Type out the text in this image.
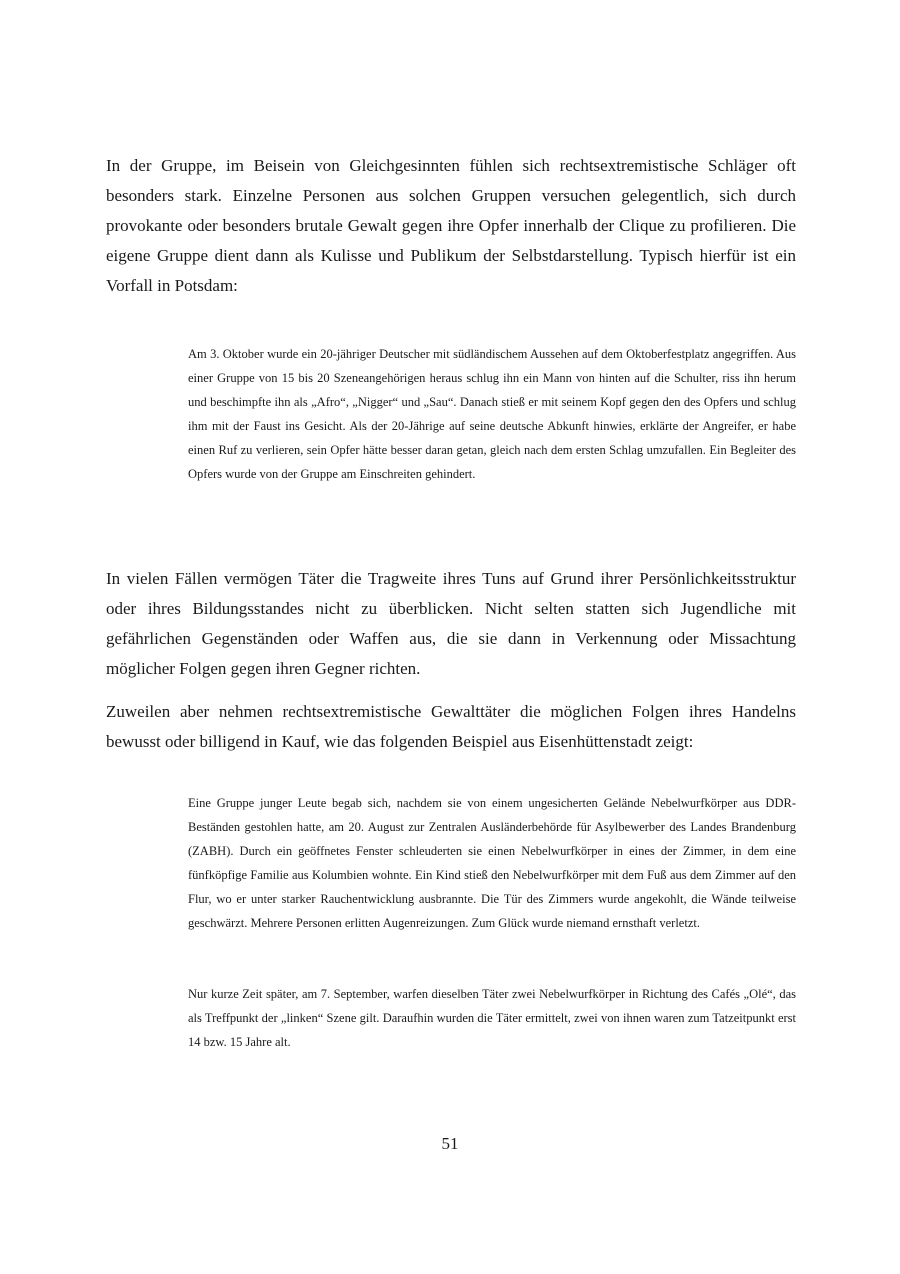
In der Gruppe, im Beisein von Gleichgesinnten fühlen sich rechtsextremistische Schläger oft besonders stark. Einzelne Personen aus solchen Gruppen versuchen gelegentlich, sich durch provokante oder besonders brutale Gewalt gegen ihre Opfer innerhalb der Clique zu profilieren. Die eigene Gruppe dient dann als Kulisse und Publikum der Selbstdarstellung. Typisch hierfür ist ein Vorfall in Potsdam:

Am 3. Oktober wurde ein 20-jähriger Deutscher mit südländischem Aussehen auf dem Oktoberfestplatz angegriffen. Aus einer Gruppe von 15 bis 20 Szeneangehörigen heraus schlug ihn ein Mann von hinten auf die Schulter, riss ihn herum und beschimpfte ihn als „Afro“, „Nigger“ und „Sau“. Danach stieß er mit seinem Kopf gegen den des Opfers und schlug ihm mit der Faust ins Gesicht. Als der 20-Jährige auf seine deutsche Abkunft hinwies, erklärte der Angreifer, er habe einen Ruf zu verlieren, sein Opfer hätte besser daran getan, gleich nach dem ersten Schlag umzufallen. Ein Begleiter des Opfers wurde von der Gruppe am Einschreiten gehindert.

In vielen Fällen vermögen Täter die Tragweite ihres Tuns auf Grund ihrer Persönlichkeitsstruktur oder ihres Bildungsstandes nicht zu überblicken. Nicht selten statten sich Jugendliche mit gefährlichen Gegenständen oder Waffen aus, die sie dann in Verkennung oder Missachtung möglicher Folgen gegen ihren Gegner richten.

Zuweilen aber nehmen rechtsextremistische Gewalttäter die möglichen Folgen ihres Handelns bewusst oder billigend in Kauf, wie das folgenden Beispiel aus Eisenhüttenstadt zeigt:

Eine Gruppe junger Leute begab sich, nachdem sie von einem ungesicherten Gelände Nebelwurfkörper aus DDR-Beständen gestohlen hatte, am 20. August zur Zentralen Ausländerbehörde für Asylbewerber des Landes Brandenburg (ZABH). Durch ein geöffnetes Fenster schleuderten sie einen Nebelwurfkörper in eines der Zimmer, in dem eine fünfköpfige Familie aus Kolumbien wohnte. Ein Kind stieß den Nebelwurfkörper mit dem Fuß aus dem Zimmer auf den Flur, wo er unter starker Rauchentwicklung ausbrannte. Die Tür des Zimmers wurde angekohlt, die Wände teilweise geschwärzt. Mehrere Personen erlitten Augenreizungen. Zum Glück wurde niemand ernsthaft verletzt.

Nur kurze Zeit später, am 7. September, warfen dieselben Täter zwei Nebelwurfkörper in Richtung des Cafés „Olé“, das als Treffpunkt der „linken“ Szene gilt. Daraufhin wurden die Täter ermittelt, zwei von ihnen waren zum Tatzeitpunkt erst 14 bzw. 15 Jahre alt.

51
